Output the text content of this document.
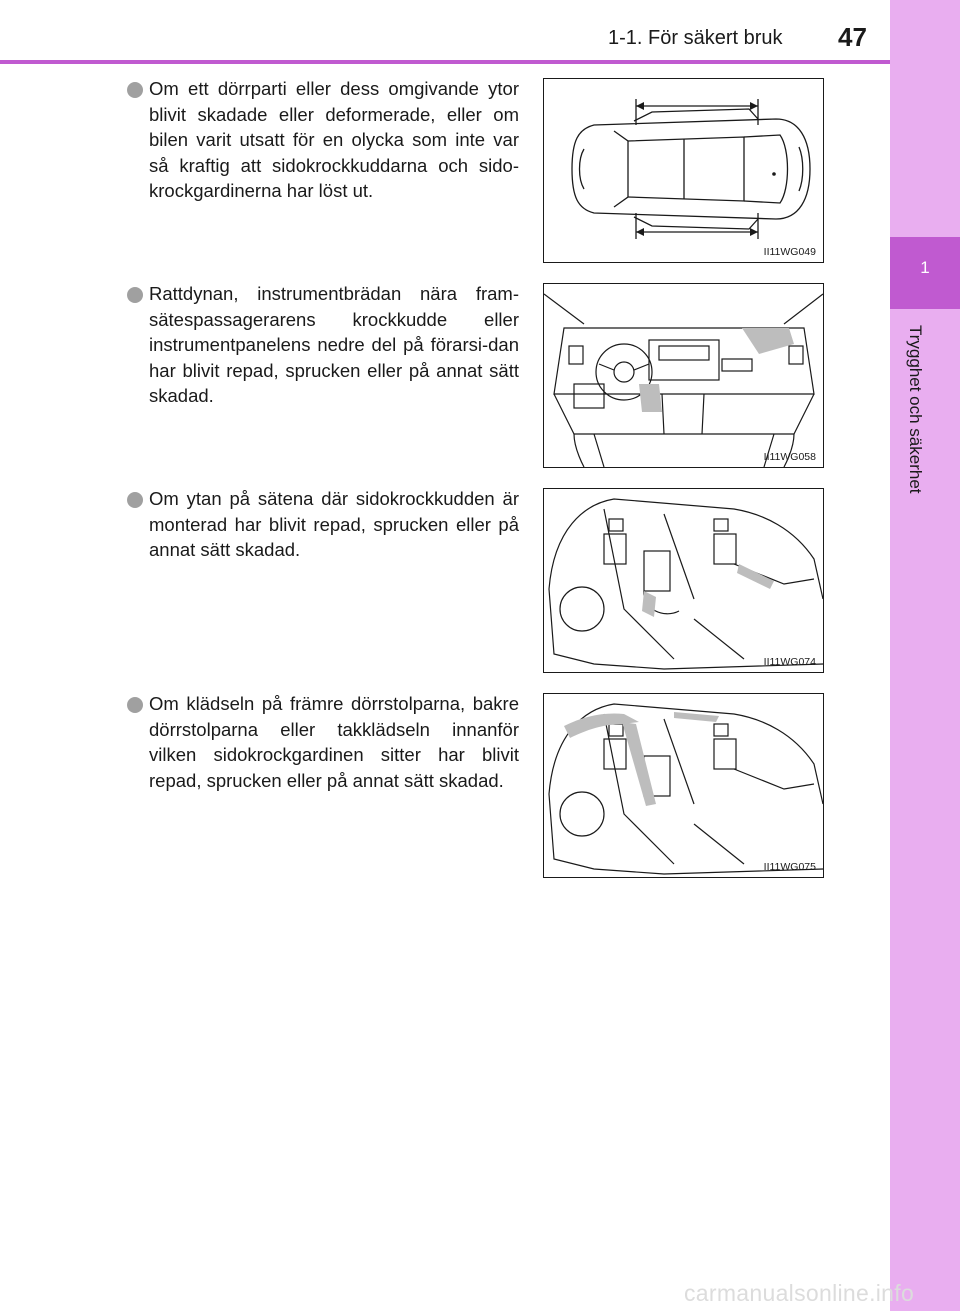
1-1. För säkert bruk 47
1
Trygghet och säkerhet
Om ett dörrparti eller dess omgivande ytor blivit skadade eller deformerade, eller om bilen varit utsatt för en olycka som inte var så kraftig att sidokrockkuddarna och sido-krockgardinerna har löst ut.
II11WG049
Rattdynan, instrumentbrädan nära fram-sätespassagerarens krockkudde eller instrumentpanelens nedre del på förarsi-dan har blivit repad, sprucken eller på annat sätt skadad.
II11WG058
Om ytan på sätena där sidokrockkudden är monterad har blivit repad, sprucken eller på annat sätt skadad.
II11WG074
Om klädseln på främre dörrstolparna, bakre dörrstolparna eller takklädseln innanför vilken sidokrockgardinen sitter har blivit repad, sprucken eller på annat sätt skadad.
II11WG075
carmanualsonline.info
